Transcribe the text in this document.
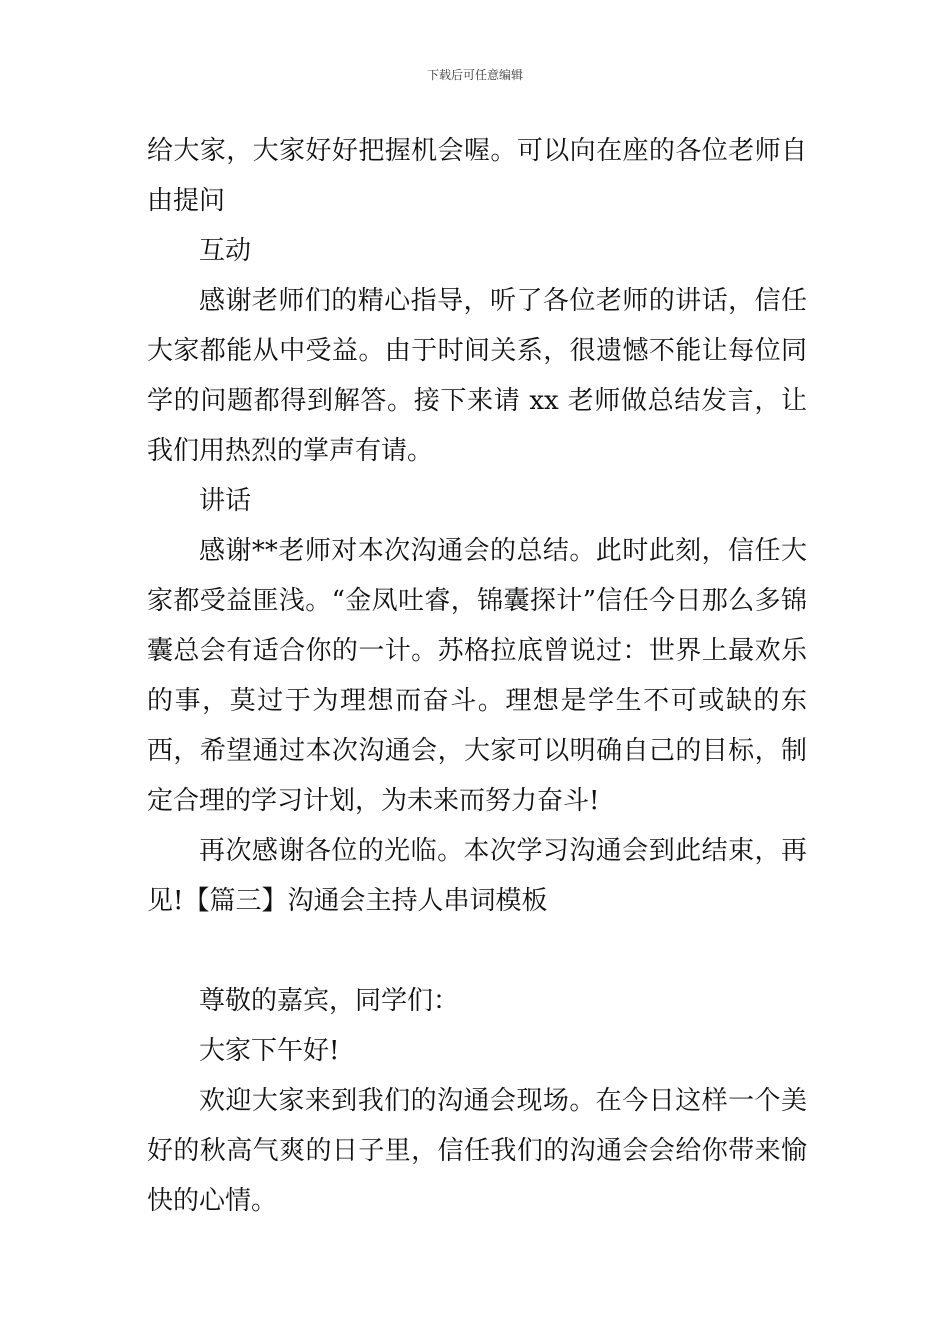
下载后可任意编辑

给大家，大家好好把握机会喔。可以向在座的各位老师自由提问

互动

感谢老师们的精心指导，听了各位老师的讲话，信任大家都能从中受益。由于时间关系，很遗憾不能让每位同学的问题都得到解答。接下来请 xx 老师做总结发言，让我们用热烈的掌声有请。

讲话

感谢**老师对本次沟通会的总结。此时此刻，信任大家都受益匪浅。“金凤吐睿，锦囊探计”信任今日那么多锦囊总会有适合你的一计。苏格拉底曾说过：世界上最欢乐的事，莫过于为理想而奋斗。理想是学生不可或缺的东西，希望通过本次沟通会，大家可以明确自己的目标，制定合理的学习计划，为未来而努力奋斗!

再次感谢各位的光临。本次学习沟通会到此结束，再见!【篇三】沟通会主持人串词模板

尊敬的嘉宾，同学们：

大家下午好!

欢迎大家来到我们的沟通会现场。在今日这样一个美好的秋高气爽的日子里，信任我们的沟通会会给你带来愉快的心情。
